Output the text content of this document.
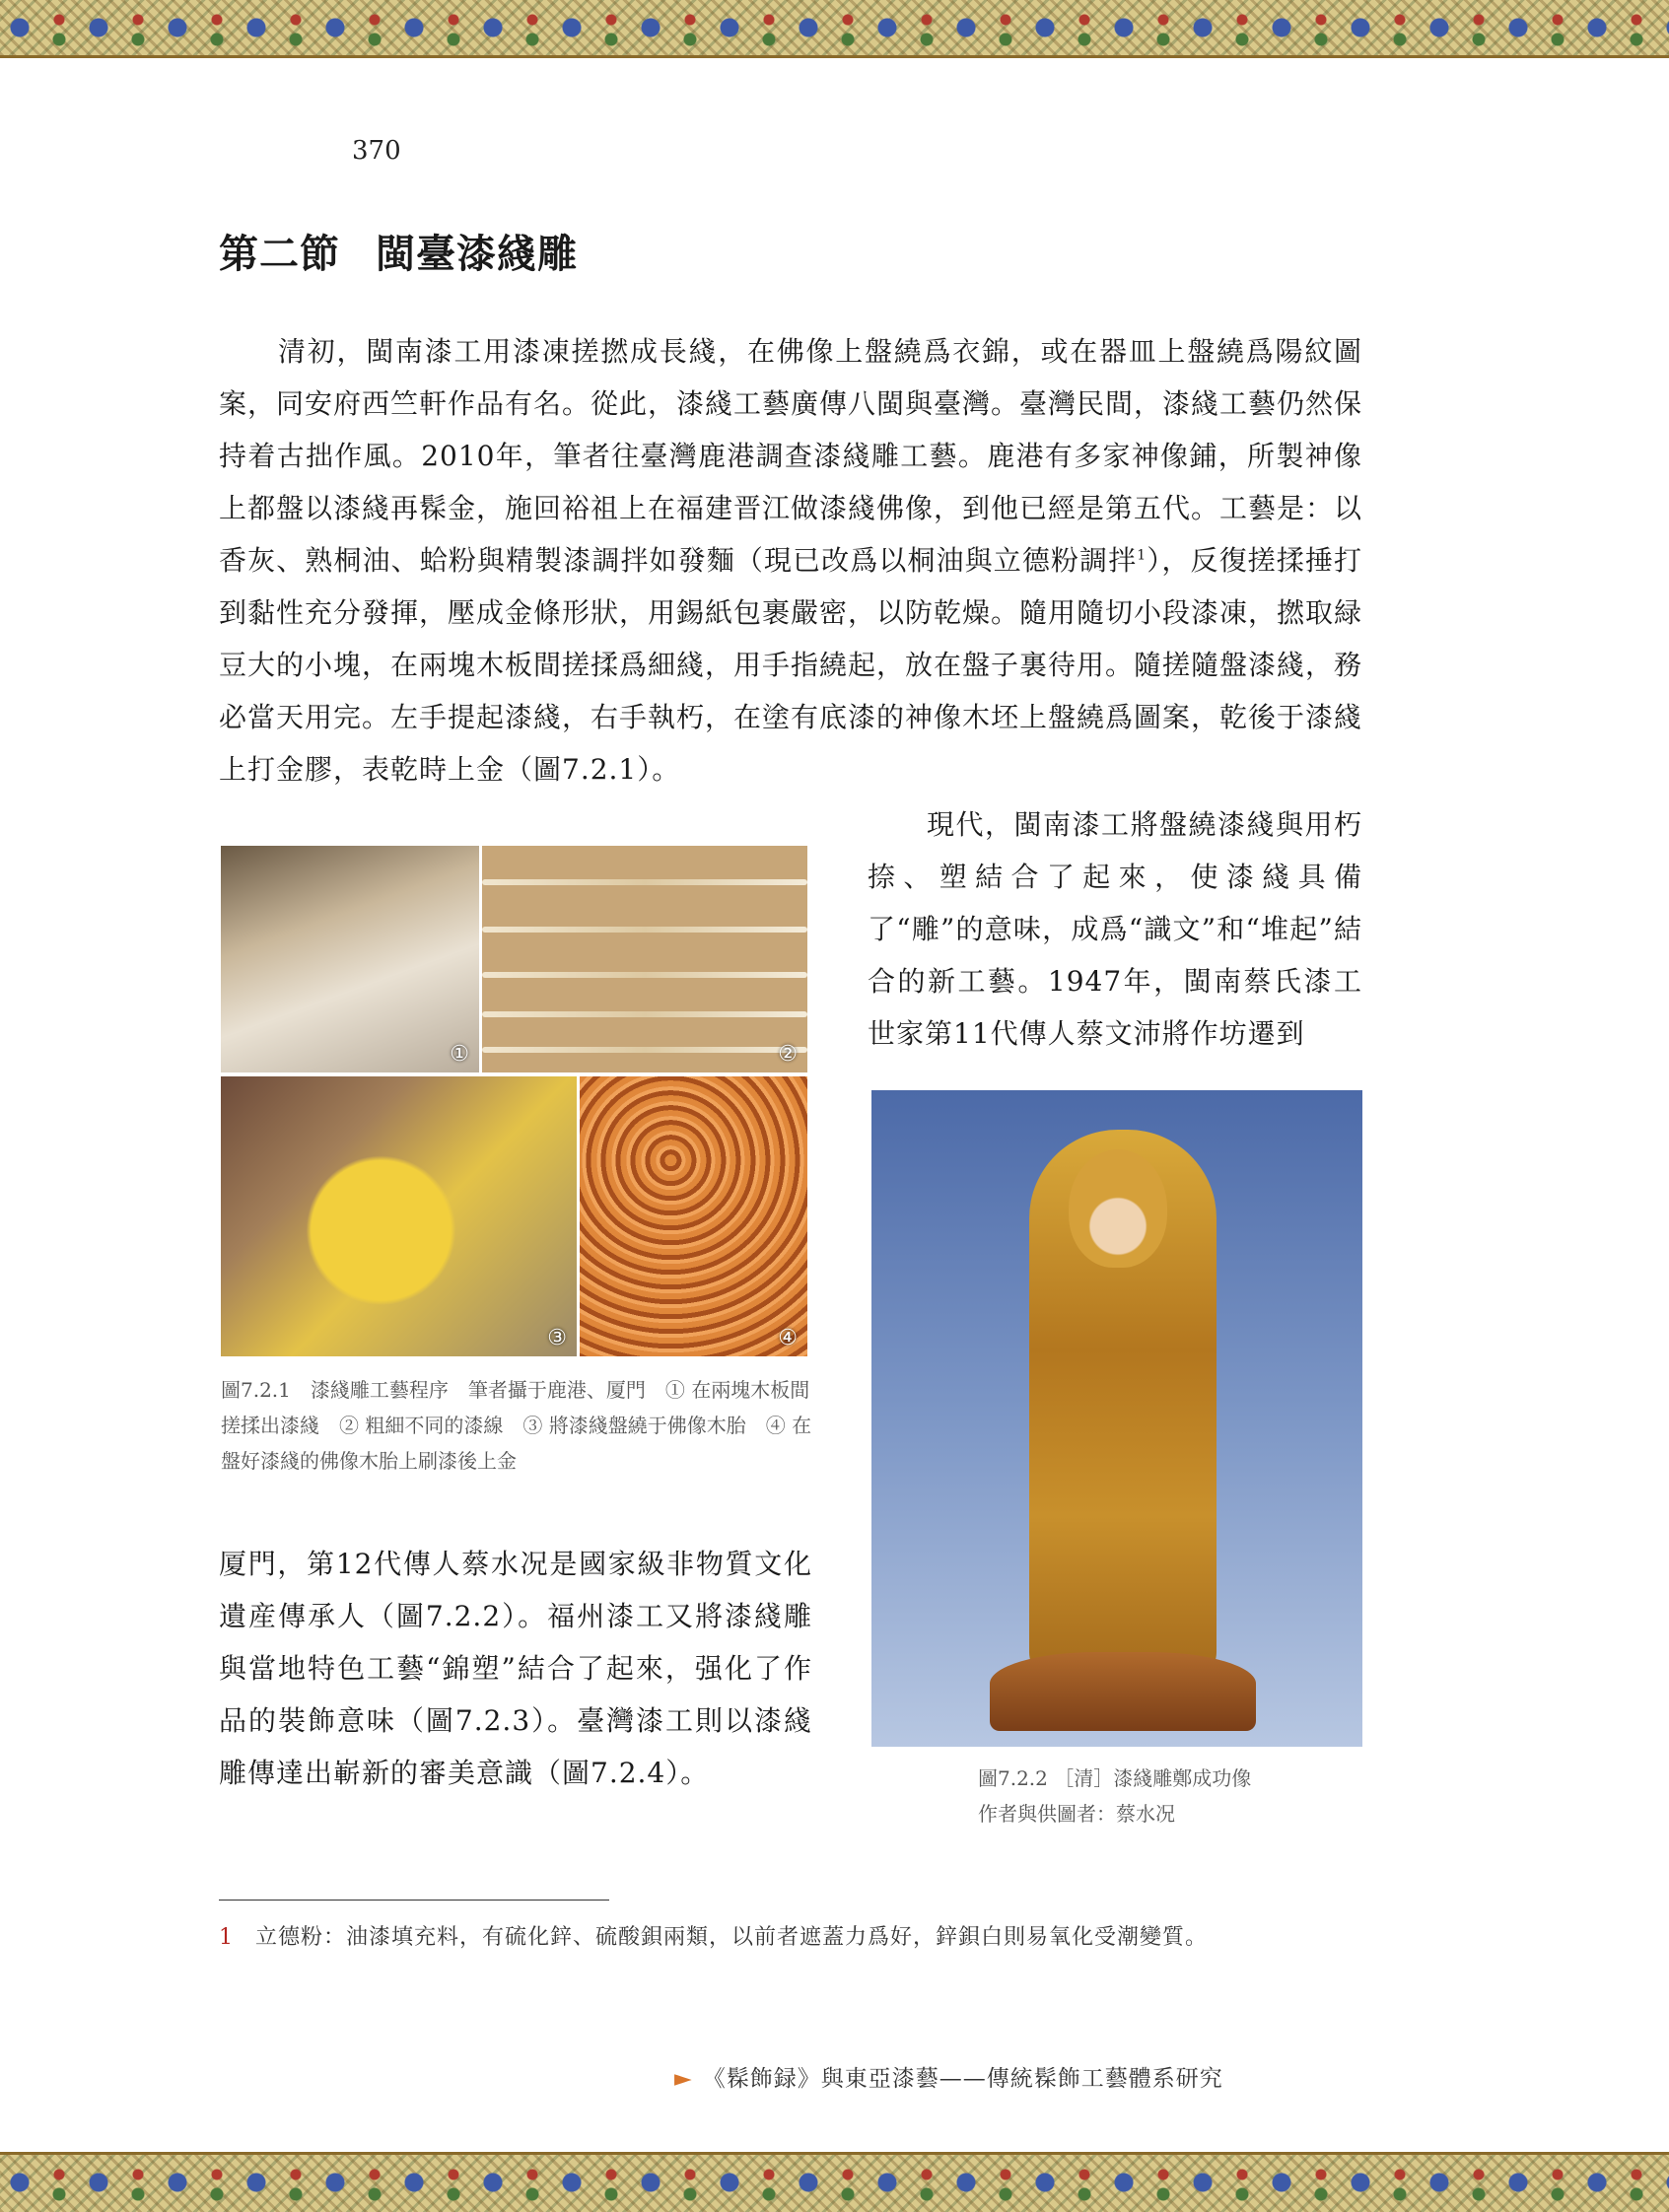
370
第二節 閩臺漆綫雕

清初，閩南漆工用漆凍搓撚成長綫，在佛像上盤繞爲衣錦，或在器皿上盤繞爲陽紋圖案，同安府西竺軒作品有名。從此，漆綫工藝廣傳八閩與臺灣。臺灣民間，漆綫工藝仍然保持着古拙作風。2010年，筆者往臺灣鹿港調查漆綫雕工藝。鹿港有多家神像鋪，所製神像上都盤以漆綫再髹金，施回裕祖上在福建晋江做漆綫佛像，到他已經是第五代。工藝是：以香灰、熟桐油、蛤粉與精製漆調拌如發麵（現已改爲以桐油與立德粉調拌$^1$），反復搓揉捶打到黏性充分發揮，壓成金條形狀，用錫紙包裹嚴密，以防乾燥。隨用隨切小段漆凍，撚取緑豆大的小塊，在兩塊木板間搓揉爲細綫，用手指繞起，放在盤子裏待用。隨搓隨盤漆綫，務必當天用完。左手提起漆綫，右手執朽，在塗有底漆的神像木坯上盤繞爲圖案，乾後于漆綫上打金膠，表乾時上金（圖7.2.1）。

①	②
③	④

圖7.2.1　漆綫雕工藝程序　筆者攝于鹿港、厦門　① 在兩塊木板間搓揉出漆綫　② 粗細不同的漆線　③ 將漆綫盤繞于佛像木胎　④ 在盤好漆綫的佛像木胎上刷漆後上金

現代，閩南漆工將盤繞漆綫與用朽捺、塑結合了起來，使漆綫具備了“雕”的意味，成爲“識文”和“堆起”結合的新工藝。1947年，閩南蔡氏漆工世家第11代傳人蔡文沛將作坊遷到

圖7.2.2 ［清］漆綫雕鄭成功像
作者與供圖者：蔡水况

厦門，第12代傳人蔡水况是國家級非物質文化遺産傳承人（圖7.2.2）。福州漆工又將漆綫雕與當地特色工藝“錦塑”結合了起來，强化了作品的裝飾意味（圖7.2.3）。臺灣漆工則以漆綫雕傳達出嶄新的審美意識（圖7.2.4）。

1 立德粉：油漆填充料，有硫化鋅、硫酸鋇兩類，以前者遮蓋力爲好，鋅鋇白則易氧化受潮變質。

► 《髹飾録》與東亞漆藝——傳統髹飾工藝體系研究
